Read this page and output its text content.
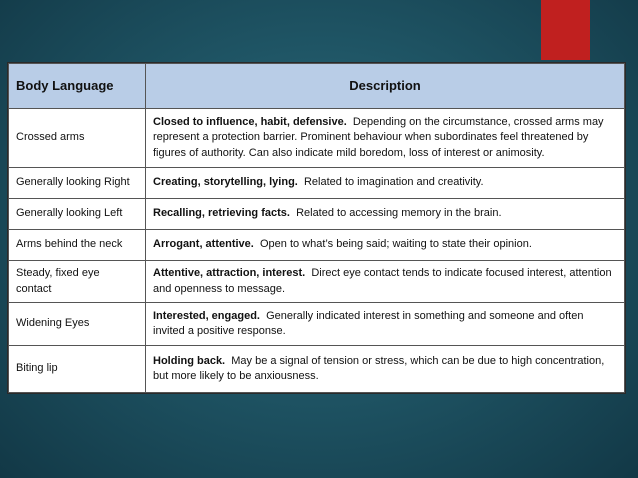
Body Language	Description
Crossed arms	Closed to influence, habit, defensive. Depending on the circumstance, crossed arms may represent a protection barrier. Prominent behaviour when subordinates feel threatened by figures of authority. Can also indicate mild boredom, loss of interest or animosity.
Generally looking Right	Creating, storytelling, lying. Related to imagination and creativity.
Generally looking Left	Recalling, retrieving facts. Related to accessing memory in the brain.
Arms behind the neck	Arrogant, attentive. Open to what’s being said; waiting to state their opinion.
Steady, fixed eye contact	Attentive, attraction, interest. Direct eye contact tends to indicate focused interest, attention and openness to message.
Widening Eyes	Interested, engaged. Generally indicated interest in something and someone and often invited a positive response.
Biting lip	Holding back. May be a signal of tension or stress, which can be due to high concentration, but more likely to be anxiousness.
